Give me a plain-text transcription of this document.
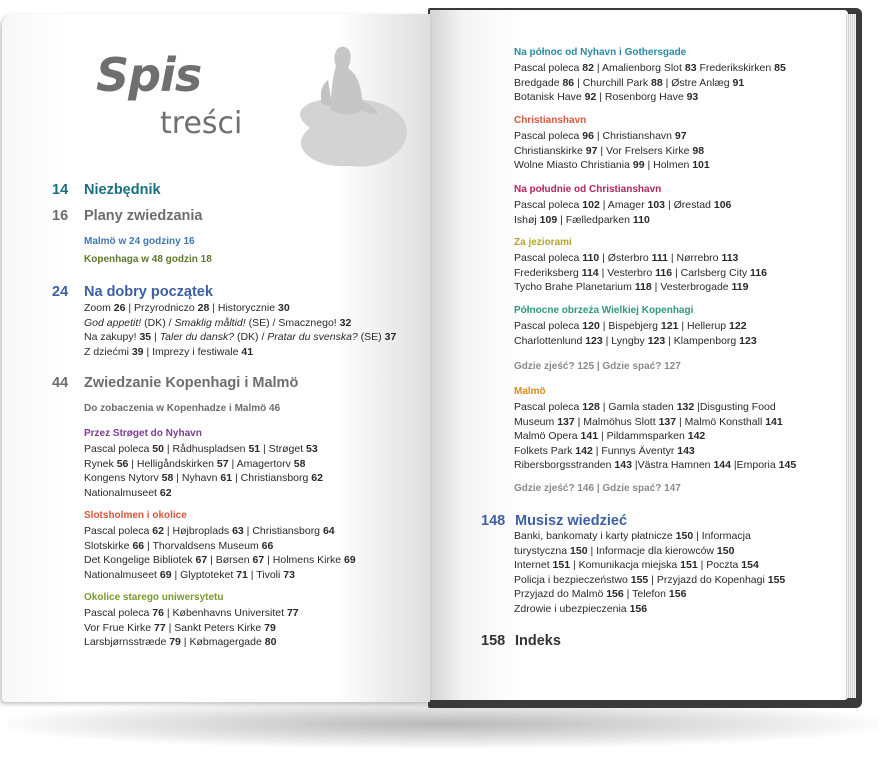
Spis
treści
14	Niezbędnik
16	Plany zwiedzania
Malmö w 24 godziny 16
Kopenhaga w 48 godzin 18
24	Na dobry początek
Zoom 26 | Przyrodniczo 28 | Historycznie 30
God appetit! (DK) / Smaklig måltid! (SE) / Smacznego! 32
Na zakupy! 35 | Taler du dansk? (DK) / Pratar du svenska? (SE) 37
Z dziećmi 39 | Imprezy i festiwale 41
44	Zwiedzanie Kopenhagi i Malmö
Do zobaczenia w Kopenhadze i Malmö 46
Przez Strøget do Nyhavn
Pascal poleca 50 | Rådhuspladsen 51 | Strøget 53
Rynek 56 | Helligåndskirken 57 | Amagertorv 58
Kongens Nytorv 58 | Nyhavn 61 | Christiansborg 62
Nationalmuseet 62
Slotsholmen i okolice
Pascal poleca 62 | Højbroplads 63 | Christiansborg 64
Slotskirke 66 | Thorvaldsens Museum 66
Det Kongelige Bibliotek 67 | Børsen 67 | Holmens Kirke 69
Nationalmuseet 69 | Glyptoteket 71 | Tivoli 73
Okolice starego uniwersytetu
Pascal poleca 76 | Københavns Universitet 77
Vor Frue Kirke 77 | Sankt Peters Kirke 79
Larsbjørnsstræde 79 | Købmagergade 80
Na północ od Nyhavn i Gothersgade
Pascal poleca 82 | Amalienborg Slot 83 Frederikskirken 85
Bredgade 86 | Churchill Park 88 | Østre Anlæg 91
Botanisk Have 92 | Rosenborg Have 93
Christianshavn
Pascal poleca 96 | Christianshavn 97
Christianskirke 97 | Vor Frelsers Kirke 98
Wolne Miasto Christiania 99 | Holmen 101
Na południe od Christianshavn
Pascal poleca 102 | Amager 103 | Ørestad 106
Ishøj 109 | Fælledparken 110
Za jeziorami
Pascal poleca 110 | Østerbro 111 | Nørrebro 113
Frederiksberg 114 | Vesterbro 116 | Carlsberg City 116
Tycho Brahe Planetarium 118 | Vesterbrogade 119
Północne obrzeża Wielkiej Kopenhagi
Pascal poleca 120 | Bispebjerg 121 | Hellerup 122
Charlottenlund 123 | Lyngby 123 | Klampenborg 123
Gdzie zjeść? 125 | Gdzie spać? 127
Malmö
Pascal poleca 128 | Gamla staden 132 |Disgusting Food
Museum 137 | Malmöhus Slott 137 | Malmö Konsthall 141
Malmö Opera 141 | Pildammsparken 142
Folkets Park 142 | Funnys Äventyr 143
Ribersborgsstranden 143 |Västra Hamnen 144 |Emporia 145
Gdzie zjeść? 146 | Gdzie spać? 147
148 Musisz wiedzieć
Banki, bankomaty i karty płatnicze 150 | Informacja
turystyczna 150 | Informacje dla kierowców 150
Internet 151 | Komunikacja miejska 151 | Poczta 154
Policja i bezpieczeństwo 155 | Przyjazd do Kopenhagi 155
Przyjazd do Malmö 156 | Telefon 156
Zdrowie i ubezpieczenia 156
158 Indeks
